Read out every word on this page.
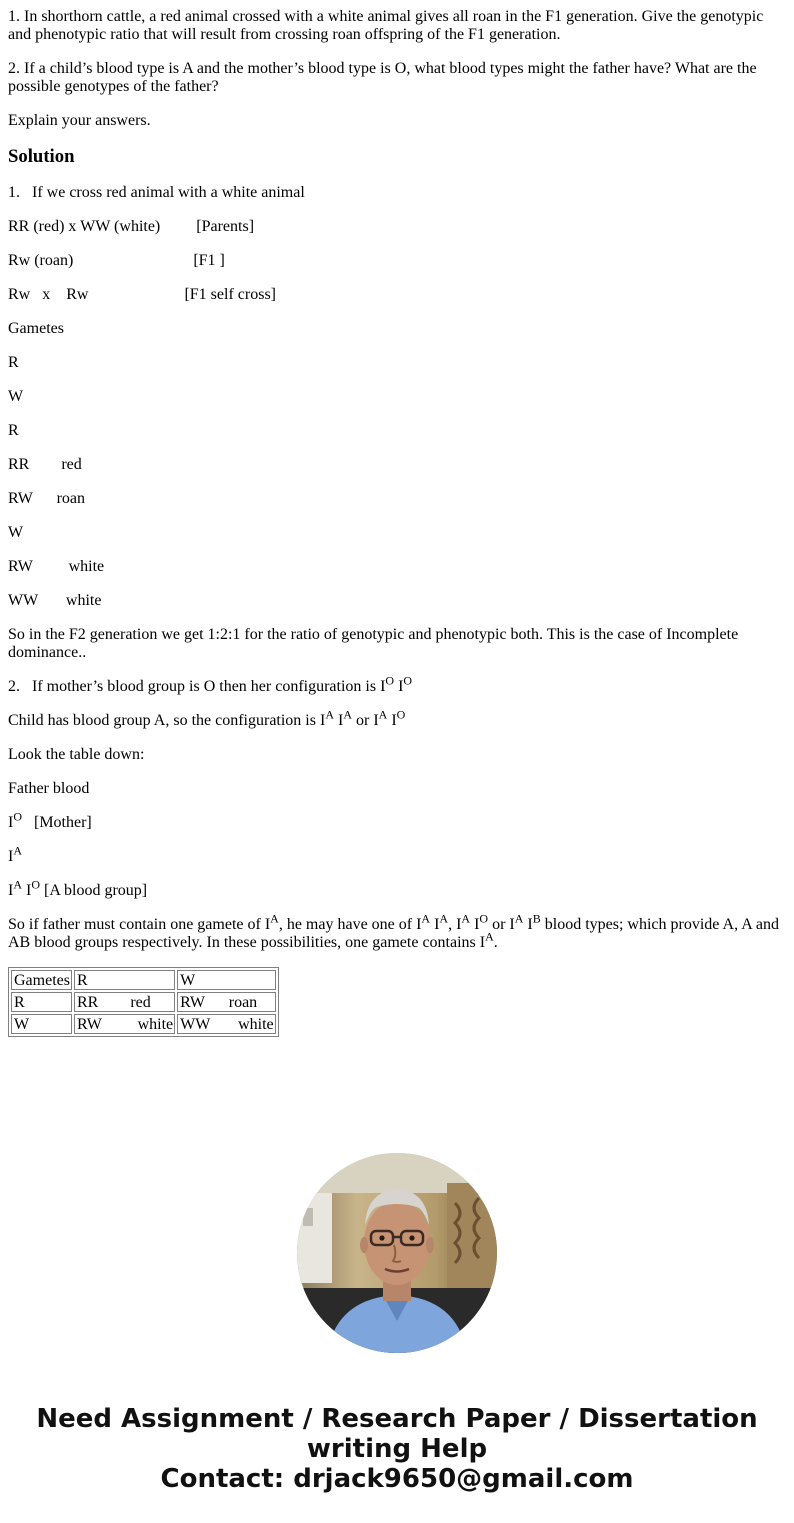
1. In shorthorn cattle, a red animal crossed with a white animal gives all roan in the F1 generation. Give the genotypic and phenotypic ratio that will result from crossing roan offspring of the F1 generation.

2. If a child’s blood type is A and the mother’s blood type is O, what blood types might the father have? What are the possible genotypes of the father?

Explain your answers.

Solution

1.   If we cross red animal with a white animal

RR (red) x WW (white)         [Parents]

Rw (roan)                              [F1 ]

Rw   x    Rw                        [F1 self cross]

Gametes

R

W

R

RR        red

RW      roan

W

RW         white

WW       white

So in the F2 generation we get 1:2:1 for the ratio of genotypic and phenotypic both. This is the case of Incomplete dominance..

2.   If mother’s blood group is O then her configuration is $I^O$ $I^O$

Child has blood group A, so the configuration is $I^A$ $I^A$ or $I^A$ $I^O$

Look the table down:

Father blood

$I^O$   [Mother]

$I^A$

$I^A$ $I^O$ [A blood group]

So if father must contain one gamete of $I^A$, he may have one of $I^A$ $I^A$, $I^A$ $I^O$ or $I^A$ $I^B$ blood types; which provide A, A and AB blood groups respectively. In these possibilities, one gamete contains $I^A$.

Gametes	R	W
R	RR red	RW roan
W	RW white	WW white
Need Assignment / Research Paper / Dissertation
writing Help
Contact: drjack9650@gmail.com
